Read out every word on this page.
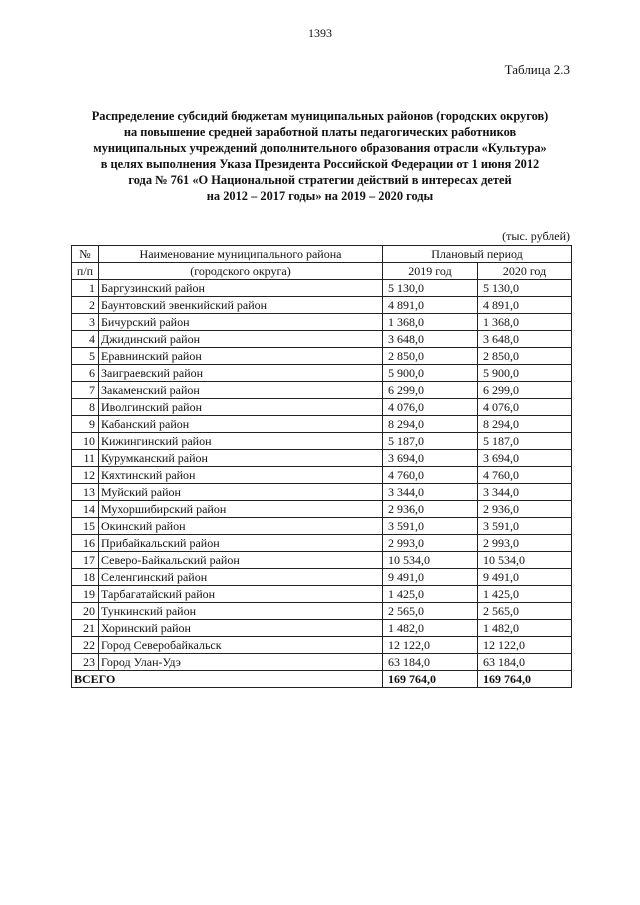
1393
Таблица 2.3
Распределение субсидий бюджетам муниципальных районов (городских округов)
на повышение средней заработной платы педагогических работников
муниципальных учреждений дополнительного образования отрасли «Культура»
в целях выполнения Указа Президента Российской Федерации от 1 июня 2012
года № 761 «О Национальной стратегии действий в интересах детей
на 2012 – 2017 годы» на 2019 – 2020 годы
(тыс. рублей)
№	Наименование муниципального района	Плановый период	
п/п	(городского округа)	2019 год	2020 год
1	Баргузинский район	5 130,0	5 130,0
2	Баунтовский эвенкийский район	4 891,0	4 891,0
3	Бичурский район	1 368,0	1 368,0
4	Джидинский район	3 648,0	3 648,0
5	Еравнинский район	2 850,0	2 850,0
6	Заиграевский район	5 900,0	5 900,0
7	Закаменский район	6 299,0	6 299,0
8	Иволгинский район	4 076,0	4 076,0
9	Кабанский район	8 294,0	8 294,0
10	Кижингинский район	5 187,0	5 187,0
11	Курумканский район	3 694,0	3 694,0
12	Кяхтинский район	4 760,0	4 760,0
13	Муйский район	3 344,0	3 344,0
14	Мухоршибирский район	2 936,0	2 936,0
15	Окинский район	3 591,0	3 591,0
16	Прибайкальский район	2 993,0	2 993,0
17	Северо-Байкальский район	10 534,0	10 534,0
18	Селенгинский район	9 491,0	9 491,0
19	Тарбагатайский район	1 425,0	1 425,0
20	Тункинский район	2 565,0	2 565,0
21	Хоринский район	1 482,0	1 482,0
22	Город Северобайкальск	12 122,0	12 122,0
23	Город Улан-Удэ	63 184,0	63 184,0
ВСЕГО		169 764,0	169 764,0
